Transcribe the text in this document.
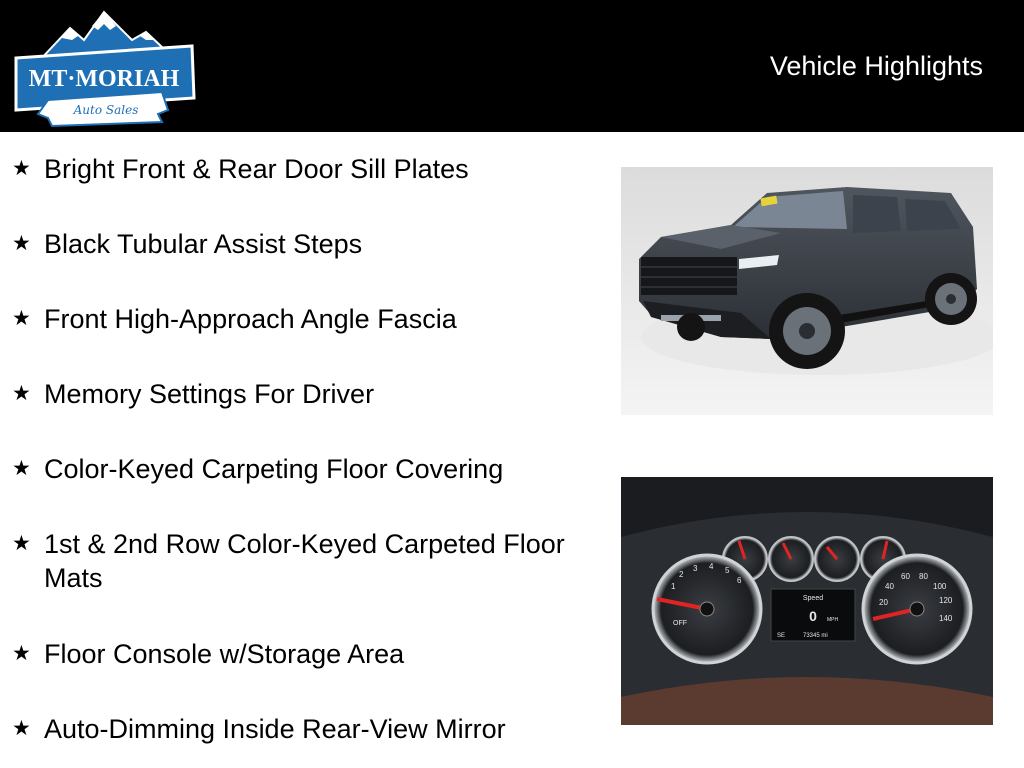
MT·MORIAH
Auto Sales
Vehicle Highlights
★ Bright Front & Rear Door Sill Plates
★ Black Tubular Assist Steps
★ Front High-Approach Angle Fascia
★ Memory Settings For Driver
★ Color-Keyed Carpeting Floor Covering
★ 1st & 2nd Row Color-Keyed Carpeted Floor Mats
★ Floor Console w/Storage Area
★ Auto-Dimming Inside Rear-View Mirror
1
2
3 4 5
6
OFF
20
40
60 80
100
120
140
Speed
0 MPH
SE	73345 mi
